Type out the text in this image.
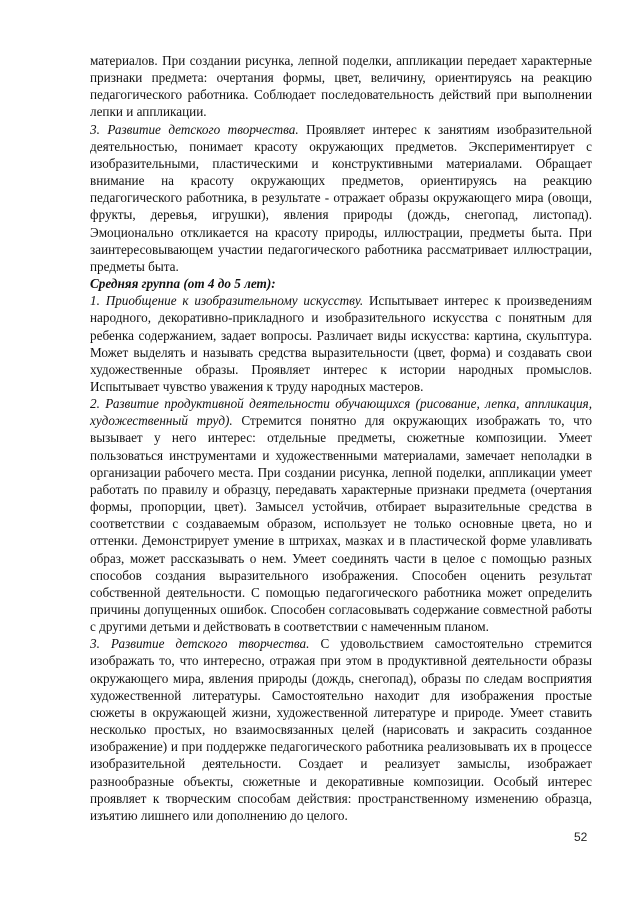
материалов. При создании рисунка, лепной поделки, аппликации передает характерные признаки предмета: очертания формы, цвет, величину, ориентируясь на реакцию педагогического работника. Соблюдает последовательность действий при выполнении лепки и аппликации.

3. Развитие детского творчества. Проявляет интерес к занятиям изобразительной деятельностью, понимает красоту окружающих предметов. Экспериментирует с изобразительными, пластическими и конструктивными материалами. Обращает внимание на красоту окружающих предметов, ориентируясь на реакцию педагогического работника, в результате - отражает образы окружающего мира (овощи, фрукты, деревья, игрушки), явления природы (дождь, снегопад, листопад). Эмоционально откликается на красоту природы, иллюстрации, предметы быта. При заинтересовывающем участии педагогического работника рассматривает иллюстрации, предметы быта.

Средняя группа (от 4 до 5 лет):

1. Приобщение к изобразительному искусству. Испытывает интерес к произведениям народного, декоративно-прикладного и изобразительного искусства с понятным для ребенка содержанием, задает вопросы. Различает виды искусства: картина, скульптура. Может выделять и называть средства выразительности (цвет, форма) и создавать свои художественные образы. Проявляет интерес к истории народных промыслов. Испытывает чувство уважения к труду народных мастеров.

2. Развитие продуктивной деятельности обучающихся (рисование, лепка, аппликация, художественный труд). Стремится понятно для окружающих изображать то, что вызывает у него интерес: отдельные предметы, сюжетные композиции. Умеет пользоваться инструментами и художественными материалами, замечает неполадки в организации рабочего места. При создании рисунка, лепной поделки, аппликации умеет работать по правилу и образцу, передавать характерные признаки предмета (очертания формы, пропорции, цвет). Замысел устойчив, отбирает выразительные средства в соответствии с создаваемым образом, использует не только основные цвета, но и оттенки. Демонстрирует умение в штрихах, мазках и в пластической форме улавливать образ, может рассказывать о нем. Умеет соединять части в целое с помощью разных способов создания выразительного изображения. Способен оценить результат собственной деятельности. С помощью педагогического работника может определить причины допущенных ошибок. Способен согласовывать содержание совместной работы с другими детьми и действовать в соответствии с намеченным планом.

3. Развитие детского творчества. С удовольствием самостоятельно стремится изображать то, что интересно, отражая при этом в продуктивной деятельности образы окружающего мира, явления природы (дождь, снегопад), образы по следам восприятия художественной литературы. Самостоятельно находит для изображения простые сюжеты в окружающей жизни, художественной литературе и природе. Умеет ставить несколько простых, но взаимосвязанных целей (нарисовать и закрасить созданное изображение) и при поддержке педагогического работника реализовывать их в процессе изобразительной деятельности. Создает и реализует замыслы, изображает разнообразные объекты, сюжетные и декоративные композиции. Особый интерес проявляет к творческим способам действия: пространственному изменению образца, изъятию лишнего или дополнению до целого.

52
